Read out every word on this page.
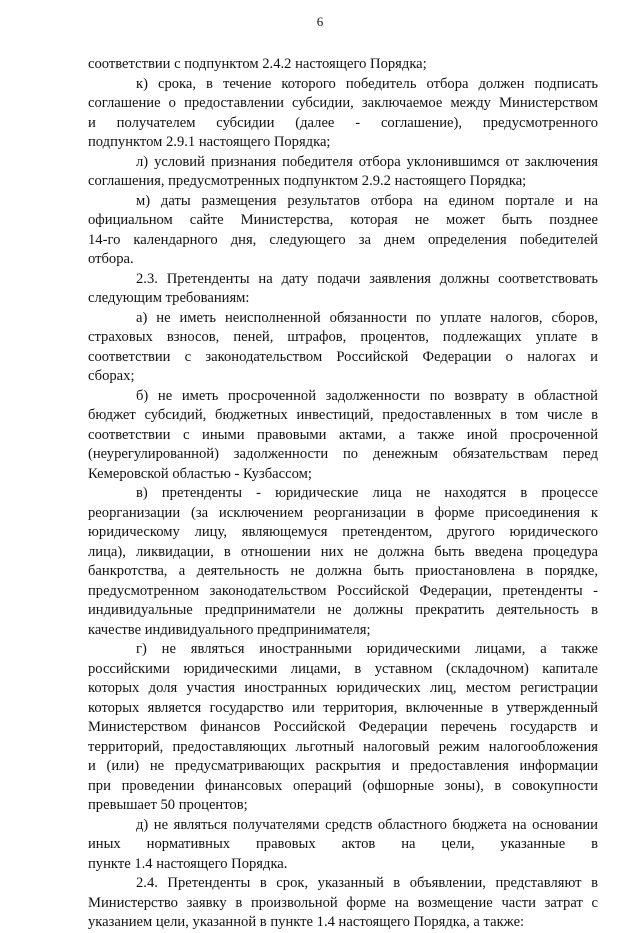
6
соответствии с подпунктом 2.4.2 настоящего Порядка;
к) срока, в течение которого победитель отбора должен подписать
соглашение о предоставлении субсидии, заключаемое между Министерством
и получателем субсидии (далее - соглашение), предусмотренного
подпунктом 2.9.1 настоящего Порядка;
л) условий признания победителя отбора уклонившимся от заключения
соглашения, предусмотренных подпунктом 2.9.2 настоящего Порядка;
м) даты размещения результатов отбора на едином портале и на
официальном сайте Министерства, которая не может быть позднее
14-го календарного дня, следующего за днем определения победителей
отбора.
2.3. Претенденты на дату подачи заявления должны соответствовать
следующим требованиям:
а) не иметь неисполненной обязанности по уплате налогов, сборов,
страховых взносов, пеней, штрафов, процентов, подлежащих уплате в
соответствии с законодательством Российской Федерации о налогах и
сборах;
б) не иметь просроченной задолженности по возврату в областной
бюджет субсидий, бюджетных инвестиций, предоставленных в том числе в
соответствии с иными правовыми актами, а также иной просроченной
(неурегулированной) задолженности по денежным обязательствам перед
Кемеровской областью - Кузбассом;
в) претенденты - юридические лица не находятся в процессе
реорганизации (за исключением реорганизации в форме присоединения к
юридическому лицу, являющемуся претендентом, другого юридического
лица), ликвидации, в отношении них не должна быть введена процедура
банкротства, а деятельность не должна быть приостановлена в порядке,
предусмотренном законодательством Российской Федерации, претенденты -
индивидуальные предприниматели не должны прекратить деятельность в
качестве индивидуального предпринимателя;
г) не являться иностранными юридическими лицами, а также
российскими юридическими лицами, в уставном (складочном) капитале
которых доля участия иностранных юридических лиц, местом регистрации
которых является государство или территория, включенные в утвержденный
Министерством финансов Российской Федерации перечень государств и
территорий, предоставляющих льготный налоговый режим налогообложения
и (или) не предусматривающих раскрытия и предоставления информации
при проведении финансовых операций (офшорные зоны), в совокупности
превышает 50 процентов;
д) не являться получателями средств областного бюджета на основании
иных нормативных правовых актов на цели, указанные в
пункте 1.4 настоящего Порядка.
2.4. Претенденты в срок, указанный в объявлении, представляют в
Министерство заявку в произвольной форме на возмещение части затрат с
указанием цели, указанной в пункте 1.4 настоящего Порядка, а также:
